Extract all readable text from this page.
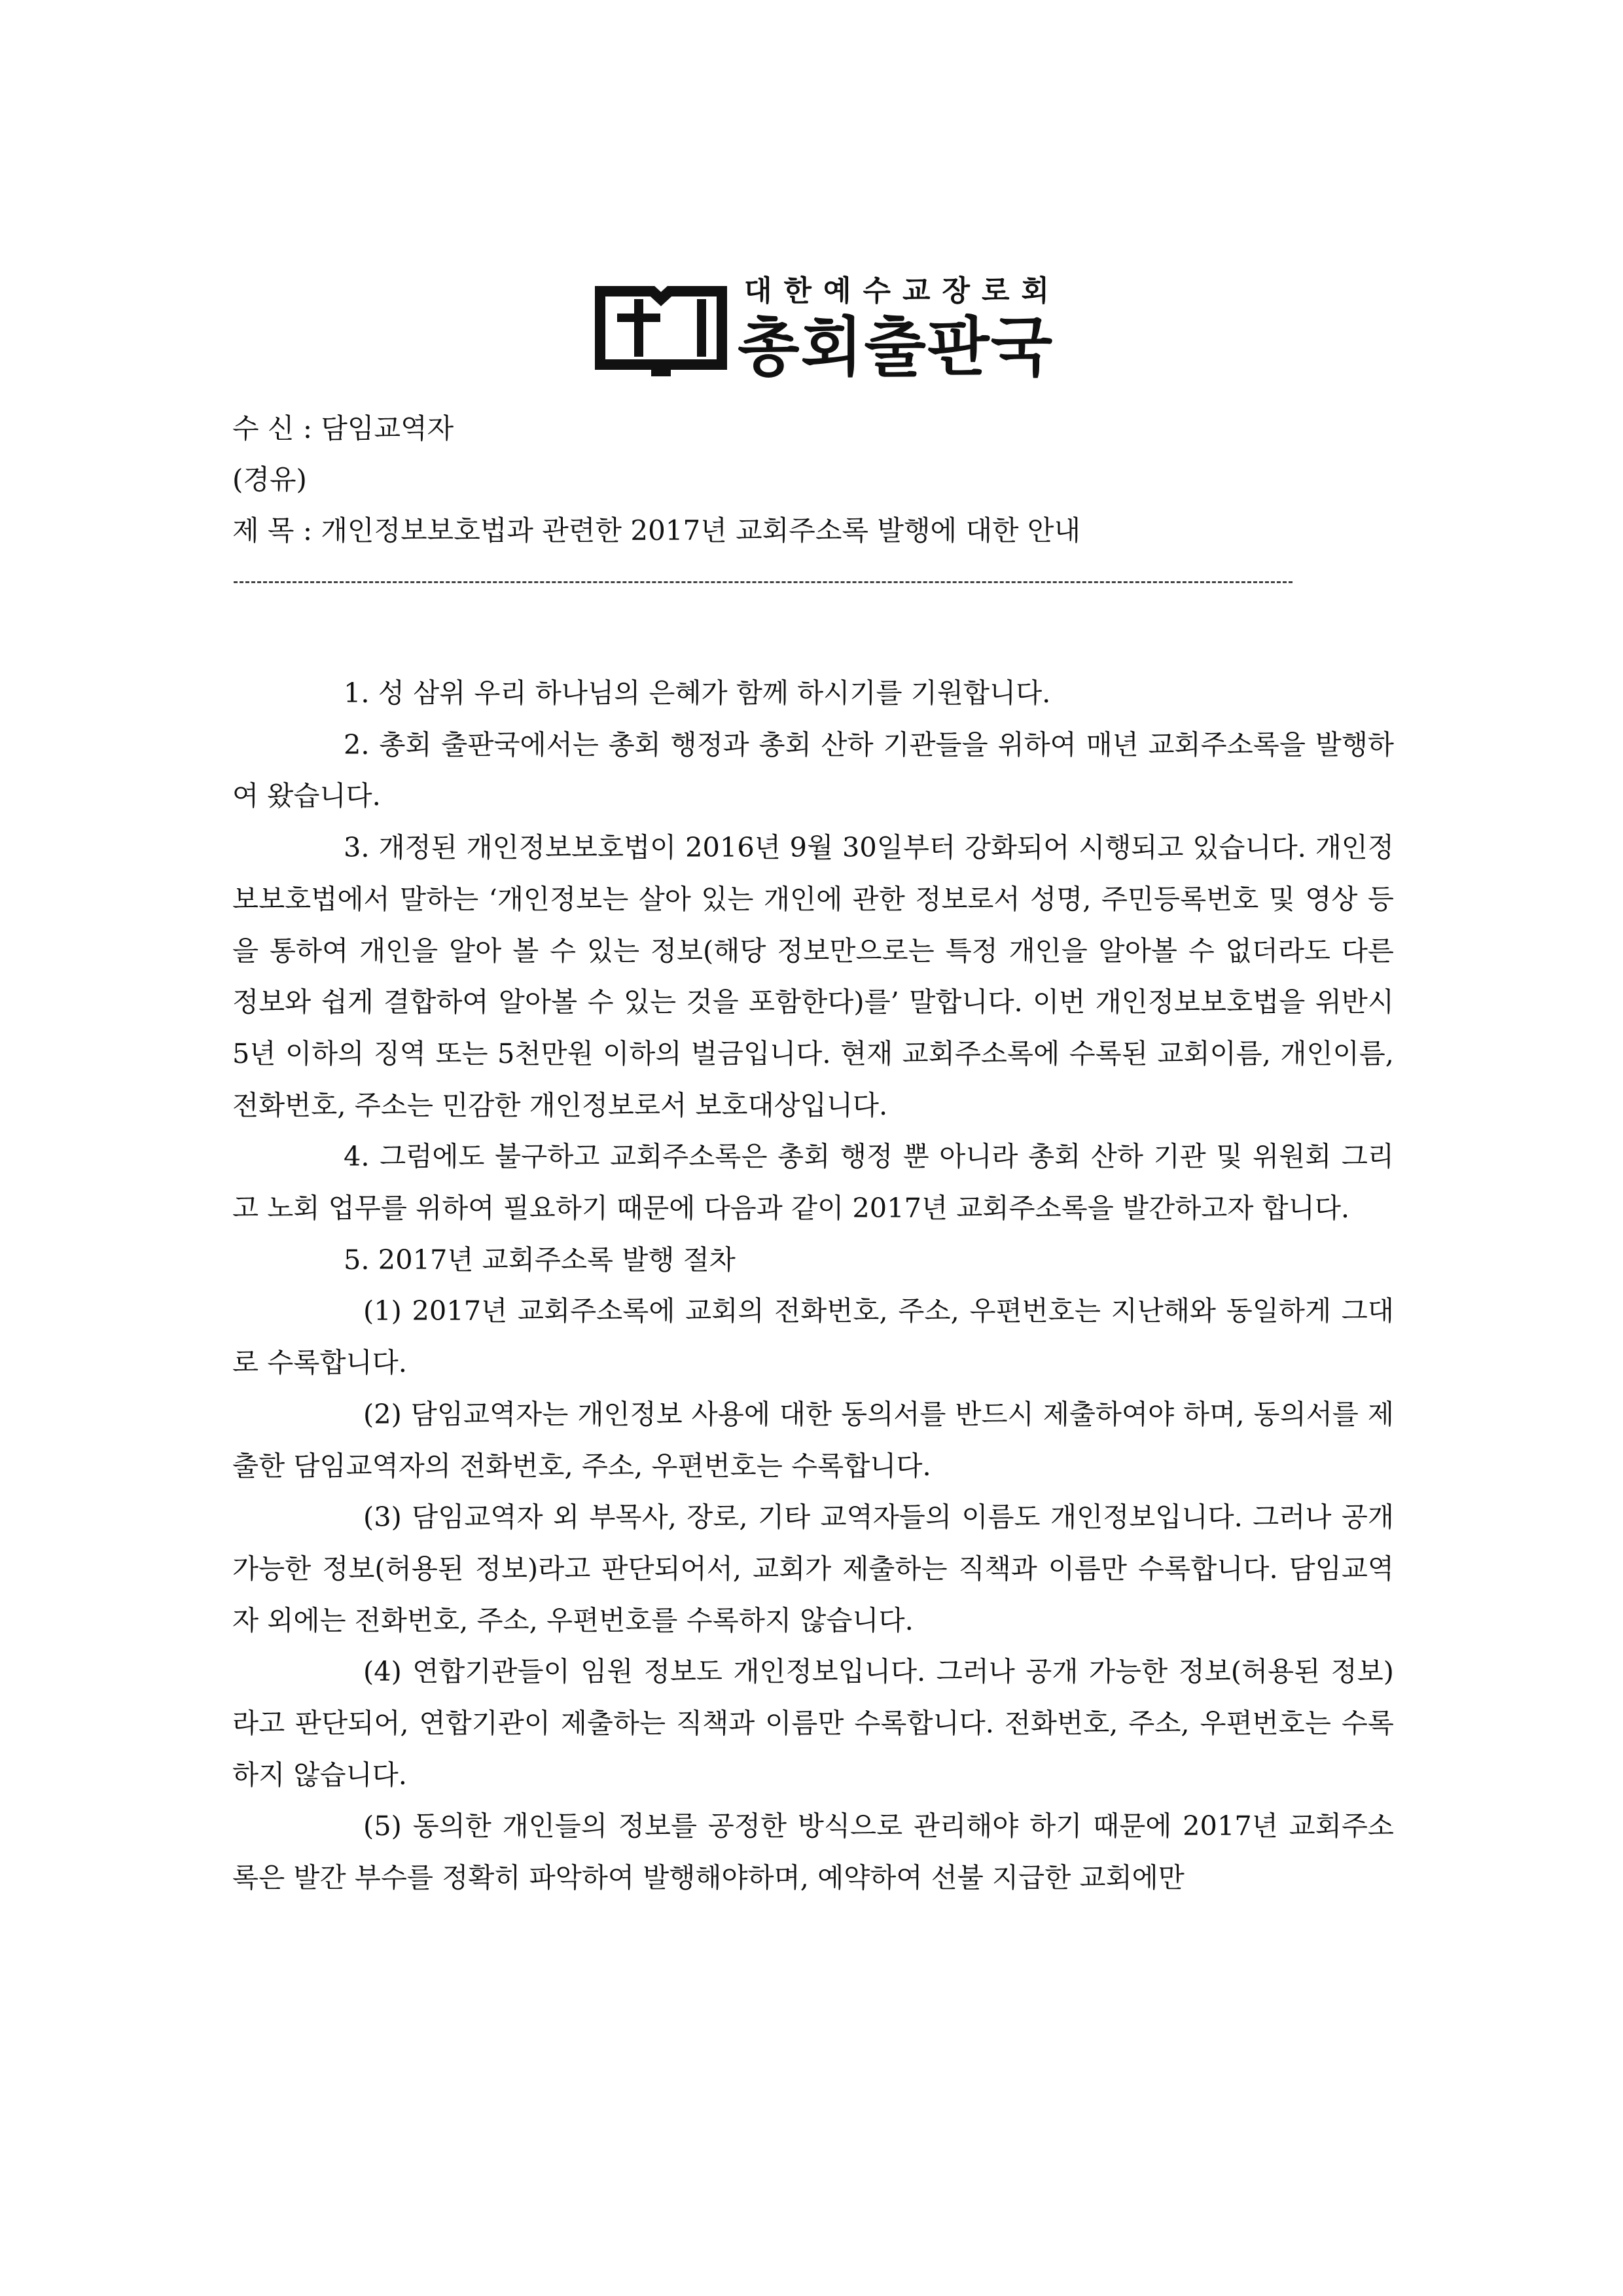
대한예수교장로회
총회출판국
수 신 : 담임교역자
(경유)
제 목 : 개인정보보호법과 관련한 2017년 교회주소록 발행에 대한 안내

1. 성 삼위 우리 하나님의 은혜가 함께 하시기를 기원합니다.

2. 총회 출판국에서는 총회 행정과 총회 산하 기관들을 위하여 매년 교회주소록을 발행하여 왔습니다.

3. 개정된 개인정보보호법이 2016년 9월 30일부터 강화되어 시행되고 있습니다. 개인정보보호법에서 말하는 ‘개인정보는 살아 있는 개인에 관한 정보로서 성명, 주민등록번호 및 영상 등을 통하여 개인을 알아 볼 수 있는 정보(해당 정보만으로는 특정 개인을 알아볼 수 없더라도 다른 정보와 쉽게 결합하여 알아볼 수 있는 것을 포함한다)를’ 말합니다. 이번 개인정보보호법을 위반시 5년 이하의 징역 또는 5천만원 이하의 벌금입니다. 현재 교회주소록에 수록된 교회이름, 개인이름, 전화번호, 주소는 민감한 개인정보로서 보호대상입니다.

4. 그럼에도 불구하고 교회주소록은 총회 행정 뿐 아니라 총회 산하 기관 및 위원회 그리고 노회 업무를 위하여 필요하기 때문에 다음과 같이 2017년 교회주소록을 발간하고자 합니다.

5. 2017년 교회주소록 발행 절차

(1) 2017년 교회주소록에 교회의 전화번호, 주소, 우편번호는 지난해와 동일하게 그대로 수록합니다.

(2) 담임교역자는 개인정보 사용에 대한 동의서를 반드시 제출하여야 하며, 동의서를 제출한 담임교역자의 전화번호, 주소, 우편번호는 수록합니다.

(3) 담임교역자 외 부목사, 장로, 기타 교역자들의 이름도 개인정보입니다. 그러나 공개 가능한 정보(허용된 정보)라고 판단되어서, 교회가 제출하는 직책과 이름만 수록합니다. 담임교역자 외에는 전화번호, 주소, 우편번호를 수록하지 않습니다.

(4) 연합기관들이 임원 정보도 개인정보입니다. 그러나 공개 가능한 정보(허용된 정보)라고 판단되어, 연합기관이 제출하는 직책과 이름만 수록합니다. 전화번호, 주소, 우편번호는 수록하지 않습니다.

(5) 동의한 개인들의 정보를 공정한 방식으로 관리해야 하기 때문에 2017년 교회주소록은 발간 부수를 정확히 파악하여 발행해야하며, 예약하여 선불 지급한 교회에만
